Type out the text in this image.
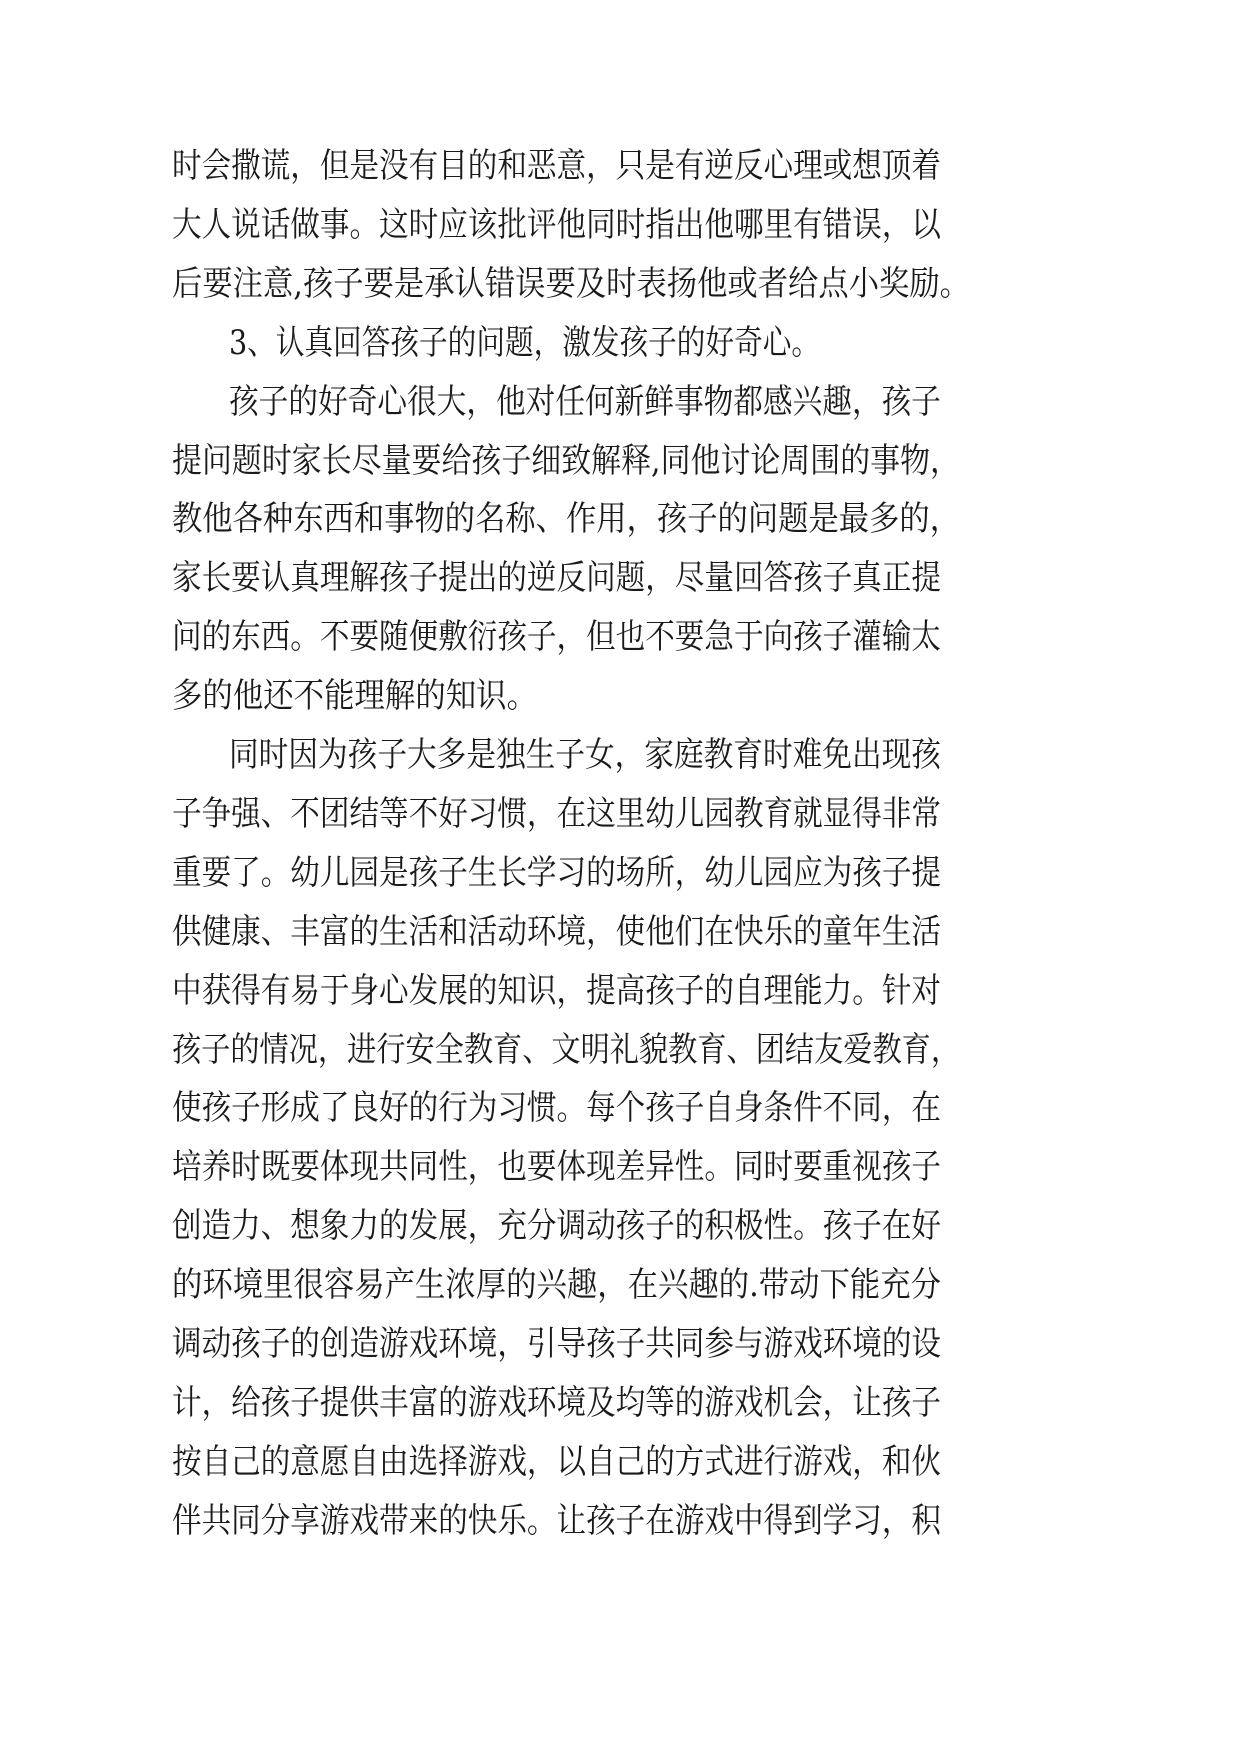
时会撒谎，但是没有目的和恶意，只是有逆反心理或想顶着
大人说话做事。这时应该批评他同时指出他哪里有错误，以
后要注意,孩子要是承认错误要及时表扬他或者给点小奖励。
3、认真回答孩子的问题，激发孩子的好奇心。
孩子的好奇心很大，他对任何新鲜事物都感兴趣，孩子
提问题时家长尽量要给孩子细致解释,同他讨论周围的事物，
教他各种东西和事物的名称、作用，孩子的问题是最多的，
家长要认真理解孩子提出的逆反问题，尽量回答孩子真正提
问的东西。不要随便敷衍孩子，但也不要急于向孩子灌输太
多的他还不能理解的知识。
同时因为孩子大多是独生子女，家庭教育时难免出现孩
子争强、不团结等不好习惯，在这里幼儿园教育就显得非常
重要了。幼儿园是孩子生长学习的场所，幼儿园应为孩子提
供健康、丰富的生活和活动环境，使他们在快乐的童年生活
中获得有易于身心发展的知识，提高孩子的自理能力。针对
孩子的情况，进行安全教育、文明礼貌教育、团结友爱教育，
使孩子形成了良好的行为习惯。每个孩子自身条件不同，在
培养时既要体现共同性，也要体现差异性。同时要重视孩子
创造力、想象力的发展，充分调动孩子的积极性。孩子在好
的环境里很容易产生浓厚的兴趣，在兴趣的.带动下能充分
调动孩子的创造游戏环境，引导孩子共同参与游戏环境的设
计，给孩子提供丰富的游戏环境及均等的游戏机会，让孩子
按自己的意愿自由选择游戏，以自己的方式进行游戏，和伙
伴共同分享游戏带来的快乐。让孩子在游戏中得到学习，积
